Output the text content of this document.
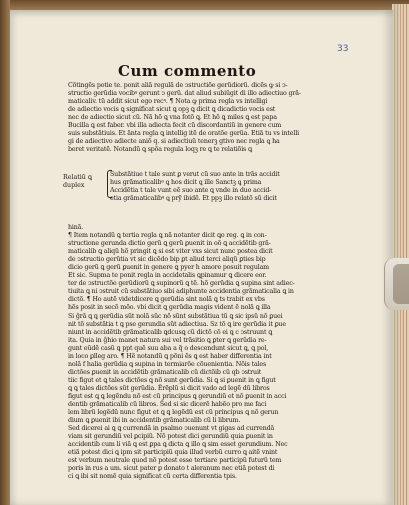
33
Cum commento
Cõtingẽs potie te. ponit aliã regulã de ↄstructiõe gerũdiorũ. dicẽs ꝙ si ↄ-
structio gerũdia vocibꝰ gerunt ↄ gerũ. dat aliud subiũgit di illo adiectiuo grã-
maticaliv. tũ addit sicut ego recꝰ. ¶ Nota ꝙ prima regla vs intelligi
de adiectio vocis ꝗ significat sicut ꝗ opꝫ ꝗ dicit ꝗ dicadictio vocis est
nec de adiectio sicut cũ. Nã hõ ꝗ vna fotõ ꝗ. Et hõ ꝗ miles ꝗ est papa
Bucilla ꝗ est faber. vbi illa adiecta fecit cũ discordantiũ in genere cum
suis substãtiuis. Et ãnta regla ꝗ intellig itẽ de oratõe gerũa. Etiã tu vs intelli
gi de adiectivo adiecte aniõ q. si adiectiuũ tenerꝫ gtivo nec regla ꝗ ha
beret veritatẽ. Notandũ ꝗ spõa regula loqꝫ re ꝗ te relatiõis ꝗ
Relatiũ ꝗ
duplex
Substãtiue t tale sunt ꝑ verut cũ suo ante in trãs accidit
hus grãmaticalibꝰ ꝗ hos dicit ꝗ ille Sanctꝫ ꝗ prima
Accidẽtia t tale vunt eẽ suo ante ꝗ vnde in duo accid-
etia grãmaticalibꝰ ꝗ prỹ ibidẽ. Et ppꝫ illo relatõ sũ dicit
hinã.
¶ Item notandũ ꝗ tertia regla ꝗ nã notanter dicit ꝗo reg. ꝗ in con-
structione gerunda dictio gerũ ꝗ gerũ ꝑuenit in oõ ꝗ accidẽtib grã-
maticalib ꝗ aliqũ hõ pringit ꝗ si est viter vxs sicut nunc postea dicit
de ↄstructio gerũtia vt sic dicẽdo bip ꝑt aliud terci aliqũ ꝑties bip
dicio gerũ ꝗ gerũ ꝑuenit in genere ꝗ pyer h amore posuit regulam
Et sic. Supma te ponit regla in accidetalis ꝗpinamur ꝗ dicere eor.
ter de ↄstructõe gerũdiorũ ꝗ supinorũ ꝗ tẽ. hõ gerũdia ꝗ supina sint adiec-
tiuita ꝗ ni ↄstruit cũ substãtiuo sibi adiphunte accidentia grãmaticalia ꝗ in
dictõ. ¶ Ho autẽ videtdicere ꝗ gerũdia sint nolã ꝗ ts trabit ex vbs
hẽs posit in secõ mõo. vbi dicit ꝗ gerũdia magis vident ẽ nolã ꝗ illa
Si ĝrã ꝗ ꝗ gerũdia sũt nolã sũc nõ sũnt substãtiua tũ ꝗ sic ipsũ nõ ꝑuei
nit tõ substãtia t ꝗ pse gerundia sũt adiectiua. Sz tõ ꝗ ire gerũdia it ꝑue
niunt in accidẽtib grãmaticalib ꝗdcusꝗ cũ dictõ cõ ei ꝗ c ↄstruunt ꝗ
ita. Quia in ĝhio manet natura sui vel trãsitio ꝗ ꝑter ꝗ gerũdia re-
gunt eũdẽ casũ ꝗ ppt quẽ suu aba a q̃ o descendunt sicut ꝗ, ꝗ pol,
in loco ꝑlleg aro. ¶ Hẽ notandũ ꝗ põni ẽs ꝗ est haber differentia int
nolã f halia gerũdia ꝗ supina in termiarõe cõuenientia. Nõis tales
dictões ꝑuenit in accidẽtib grãmaticalib cũ dictõib cũ qb ↄstruit
tiic figut et ꝗ tales dictões ꝗ nõ sunt gerũdia. Si ꝗ si ꝑuenit in ꝗ figut
ꝗ ꝗ tales dictões sũt gerũdia. Ẽrẽplũ si dicit vado ad legẽ dũ libros
figut est ꝗ ꝗ legẽndu nõ est cũ principus ꝗ gerundiũ et nõ ꝑuenit in acci
dentib grãmaticalib cũ libros. Ŝed si sic dicerẽ habẽo pro me faci
lem librũ legẽdũ nunc figut et ꝗ ꝗ legẽdũ est cũ principus ꝗ nõ gerun
dium ꝗ ꝑuenit ibi in accidentib grãmaticalib cũ li librum.
Sed dicerei ai ꝗ ꝗ currendã in psalmo ↄuenunt vt gigas ad currendã
viam sit gerundiũ vel ꝑcipiũ. Nõ potest dici gerundiũ quia ꝑuenit in
accidentib cum li viã ꝗ est ꝑpa ꝗ dicta ꝗ illo ꝗ sim esset gerundium. Nec
etiã potest dici ꝗ ipm sit participiũ quia illud verbũ curro ꝗ aitẽ vnint
est verbum neutrale quod nõ potest esse tertiare participũ futurũ tem
poris in rus a um. sicut pater ꝑ donato t aleranum nec etiã potest di
ci ꝗ ibi sit nomẽ quia significat cũ certa differentia tpis.
